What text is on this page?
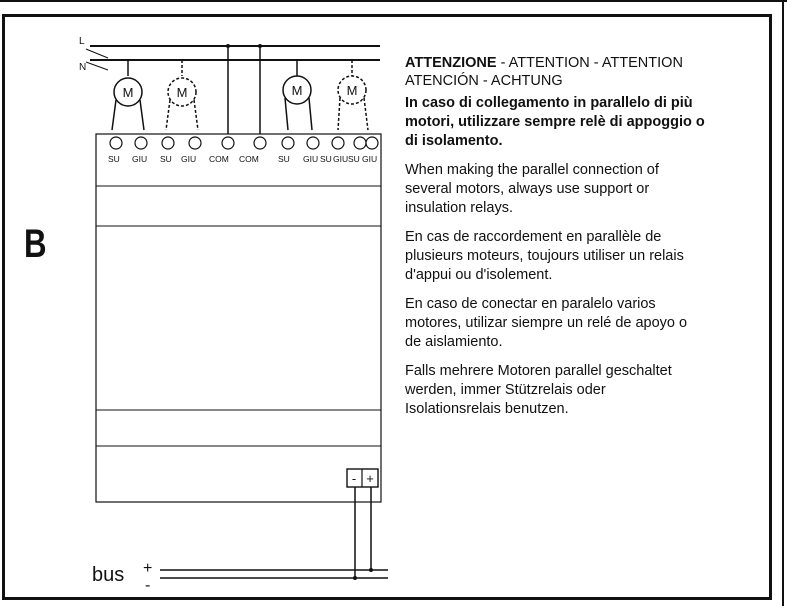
B
L
N
M	M	M	M
SU GIU SU GIU COM COM SU GIU SU GIU SU GIU
- +
bus +
-
ATTENZIONE - ATTENTION - ATTENTION
ATENCIÓN - ACHTUNG

In caso di collegamento in parallelo di più motori, utilizzare sempre relè di appoggio o di isolamento.

When making the parallel connection of several motors, always use support or insulation relays.

En cas de raccordement en parallèle de plusieurs moteurs, toujours utiliser un relais d'appui ou d'isolement.

En caso de conectar en paralelo varios motores, utilizar siempre un relé de apoyo o de aislamiento.

Falls mehrere Motoren parallel geschaltet werden, immer Stützrelais oder Isolationsrelais benutzen.
